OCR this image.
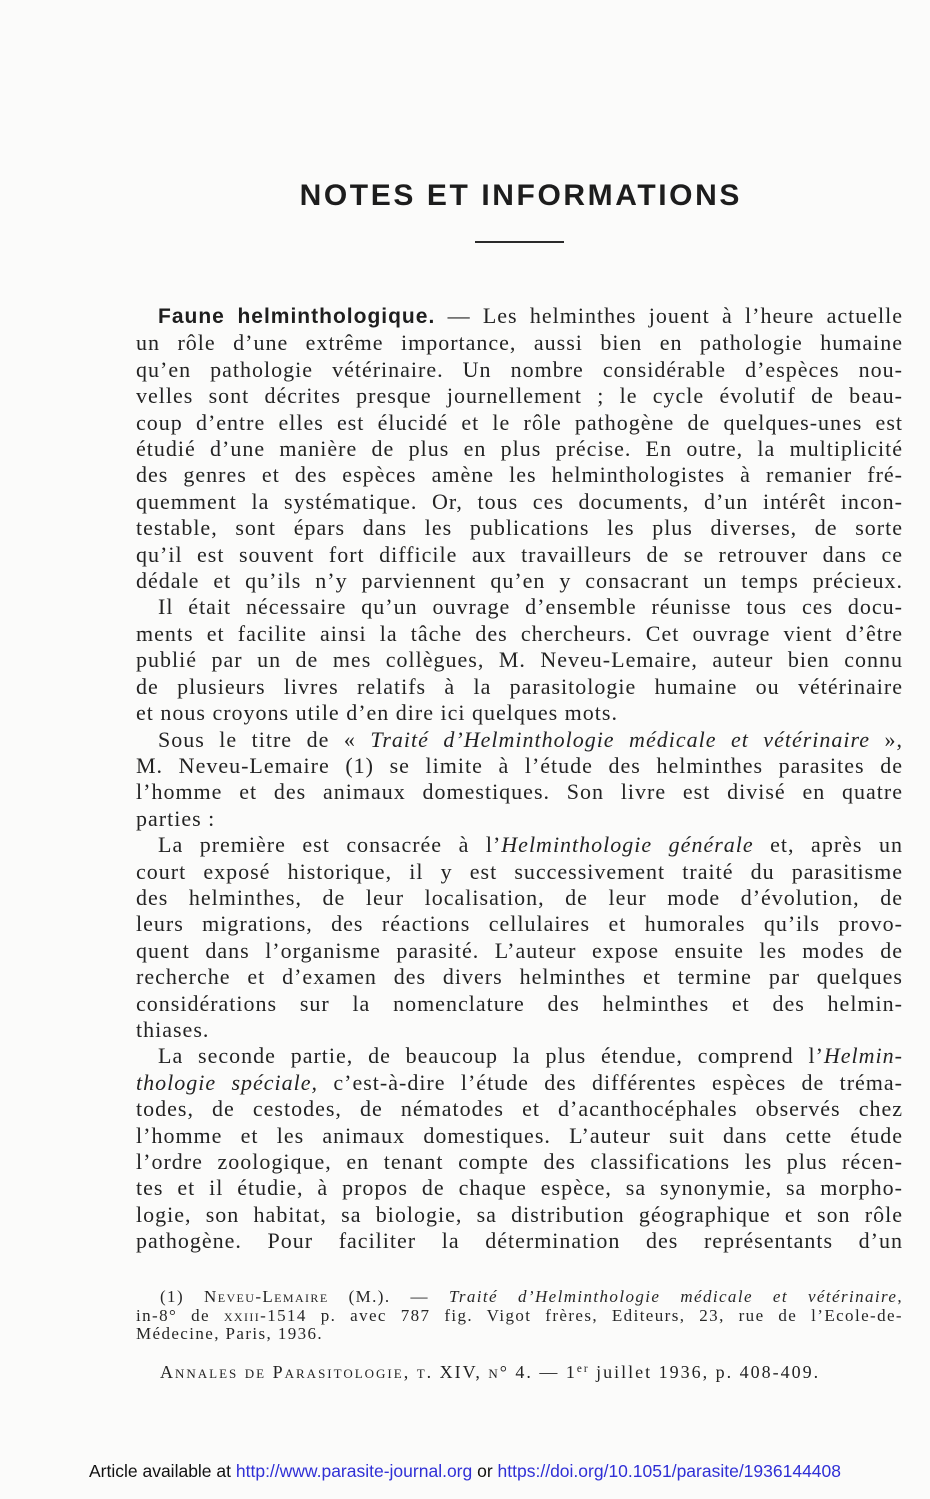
NOTES ET INFORMATIONS
Faune helminthologique. — Les helminthes jouent à l’heure actuelle
un rôle d’une extrême importance, aussi bien en pathologie humaine
qu’en pathologie vétérinaire. Un nombre considérable d’espèces nou-
velles sont décrites presque journellement ; le cycle évolutif de beau-
coup d’entre elles est élucidé et le rôle pathogène de quelques-unes est
étudié d’une manière de plus en plus précise. En outre, la multiplicité
des genres et des espèces amène les helminthologistes à remanier fré-
quemment la systématique. Or, tous ces documents, d’un intérêt incon-
testable, sont épars dans les publications les plus diverses, de sorte
qu’il est souvent fort difficile aux travailleurs de se retrouver dans ce
dédale et qu’ils n’y parviennent qu’en y consacrant un temps précieux.
Il était nécessaire qu’un ouvrage d’ensemble réunisse tous ces docu-
ments et facilite ainsi la tâche des chercheurs. Cet ouvrage vient d’être
publié par un de mes collègues, M. Neveu-Lemaire, auteur bien connu
de plusieurs livres relatifs à la parasitologie humaine ou vétérinaire
et nous croyons utile d’en dire ici quelques mots.
Sous le titre de « Traité d’Helminthologie médicale et vétérinaire »,
M. Neveu-Lemaire (1) se limite à l’étude des helminthes parasites de
l’homme et des animaux domestiques. Son livre est divisé en quatre
parties :
La première est consacrée à l’Helminthologie générale et, après un
court exposé historique, il y est successivement traité du parasitisme
des helminthes, de leur localisation, de leur mode d’évolution, de
leurs migrations, des réactions cellulaires et humorales qu’ils provo-
quent dans l’organisme parasité. L’auteur expose ensuite les modes de
recherche et d’examen des divers helminthes et termine par quelques
considérations sur la nomenclature des helminthes et des helmin-
thiases.
La seconde partie, de beaucoup la plus étendue, comprend l’Helmin-
thologie spéciale, c’est-à-dire l’étude des différentes espèces de tréma-
todes, de cestodes, de nématodes et d’acanthocéphales observés chez
l’homme et les animaux domestiques. L’auteur suit dans cette étude
l’ordre zoologique, en tenant compte des classifications les plus récen-
tes et il étudie, à propos de chaque espèce, sa synonymie, sa morpho-
logie, son habitat, sa biologie, sa distribution géographique et son rôle
pathogène. Pour faciliter la détermination des représentants d’un
(1) Neveu-Lemaire (M.). — Traité d’Helminthologie médicale et vétérinaire,
in-8° de xxiii-1514 p. avec 787 fig. Vigot frères, Editeurs, 23, rue de l’Ecole-de-
Médecine, Paris, 1936.
Annales de Parasitologie, t. XIV, n° 4. — 1er juillet 1936, p. 408-409.
Article available at http://www.parasite-journal.org or https://doi.org/10.1051/parasite/1936144408
